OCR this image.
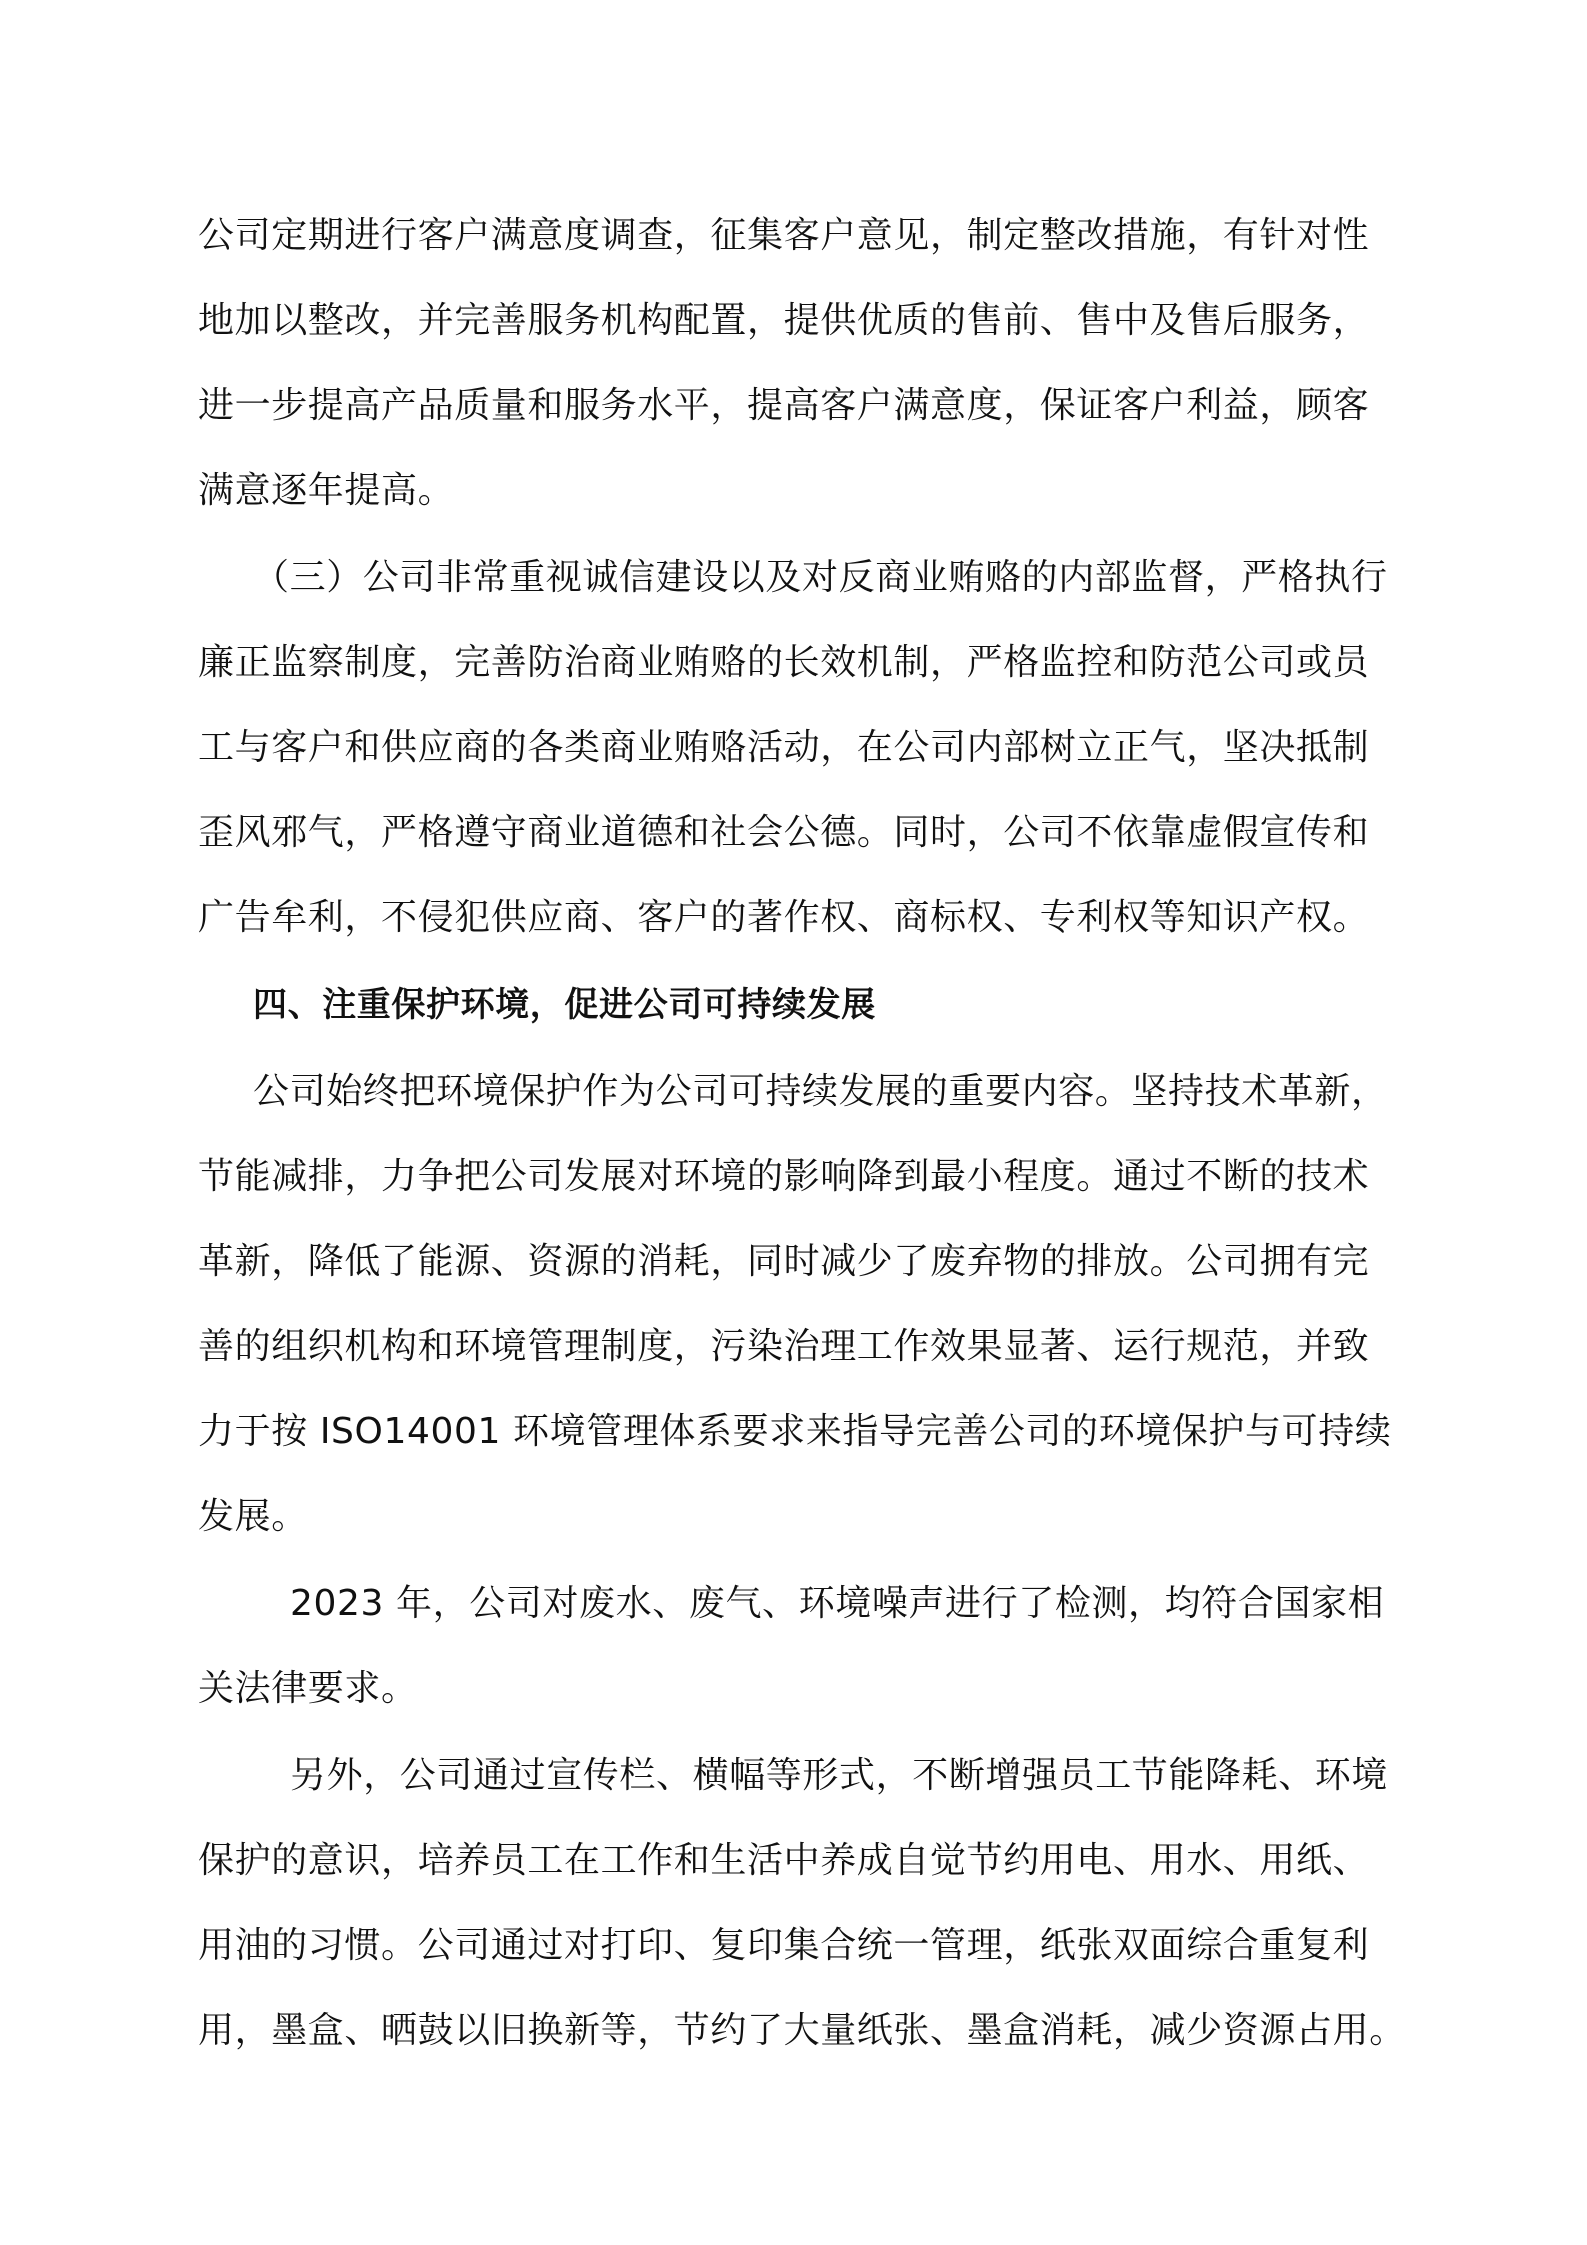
公司定期进行客户满意度调查，征集客户意见，制定整改措施，有针对性
地加以整改，并完善服务机构配置，提供优质的售前、售中及售后服务，
进一步提高产品质量和服务水平，提高客户满意度，保证客户利益，顾客
满意逐年提高。
（三）公司非常重视诚信建设以及对反商业贿赂的内部监督，严格执行
廉正监察制度，完善防治商业贿赂的长效机制，严格监控和防范公司或员
工与客户和供应商的各类商业贿赂活动，在公司内部树立正气，坚决抵制
歪风邪气，严格遵守商业道德和社会公德。同时，公司不依靠虚假宣传和
广告牟利，不侵犯供应商、客户的著作权、商标权、专利权等知识产权。
四、注重保护环境，促进公司可持续发展
公司始终把环境保护作为公司可持续发展的重要内容。坚持技术革新，
节能减排，力争把公司发展对环境的影响降到最小程度。通过不断的技术
革新，降低了能源、资源的消耗，同时减少了废弃物的排放。公司拥有完
善的组织机构和环境管理制度，污染治理工作效果显著、运行规范，并致
力于按 ISO14001 环境管理体系要求来指导完善公司的环境保护与可持续
发展。
2023 年，公司对废水、废气、环境噪声进行了检测，均符合国家相
关法律要求。
另外，公司通过宣传栏、横幅等形式，不断增强员工节能降耗、环境
保护的意识，培养员工在工作和生活中养成自觉节约用电、用水、用纸、
用油的习惯。公司通过对打印、复印集合统一管理，纸张双面综合重复利
用，墨盒、晒鼓以旧换新等，节约了大量纸张、墨盒消耗，减少资源占用。
